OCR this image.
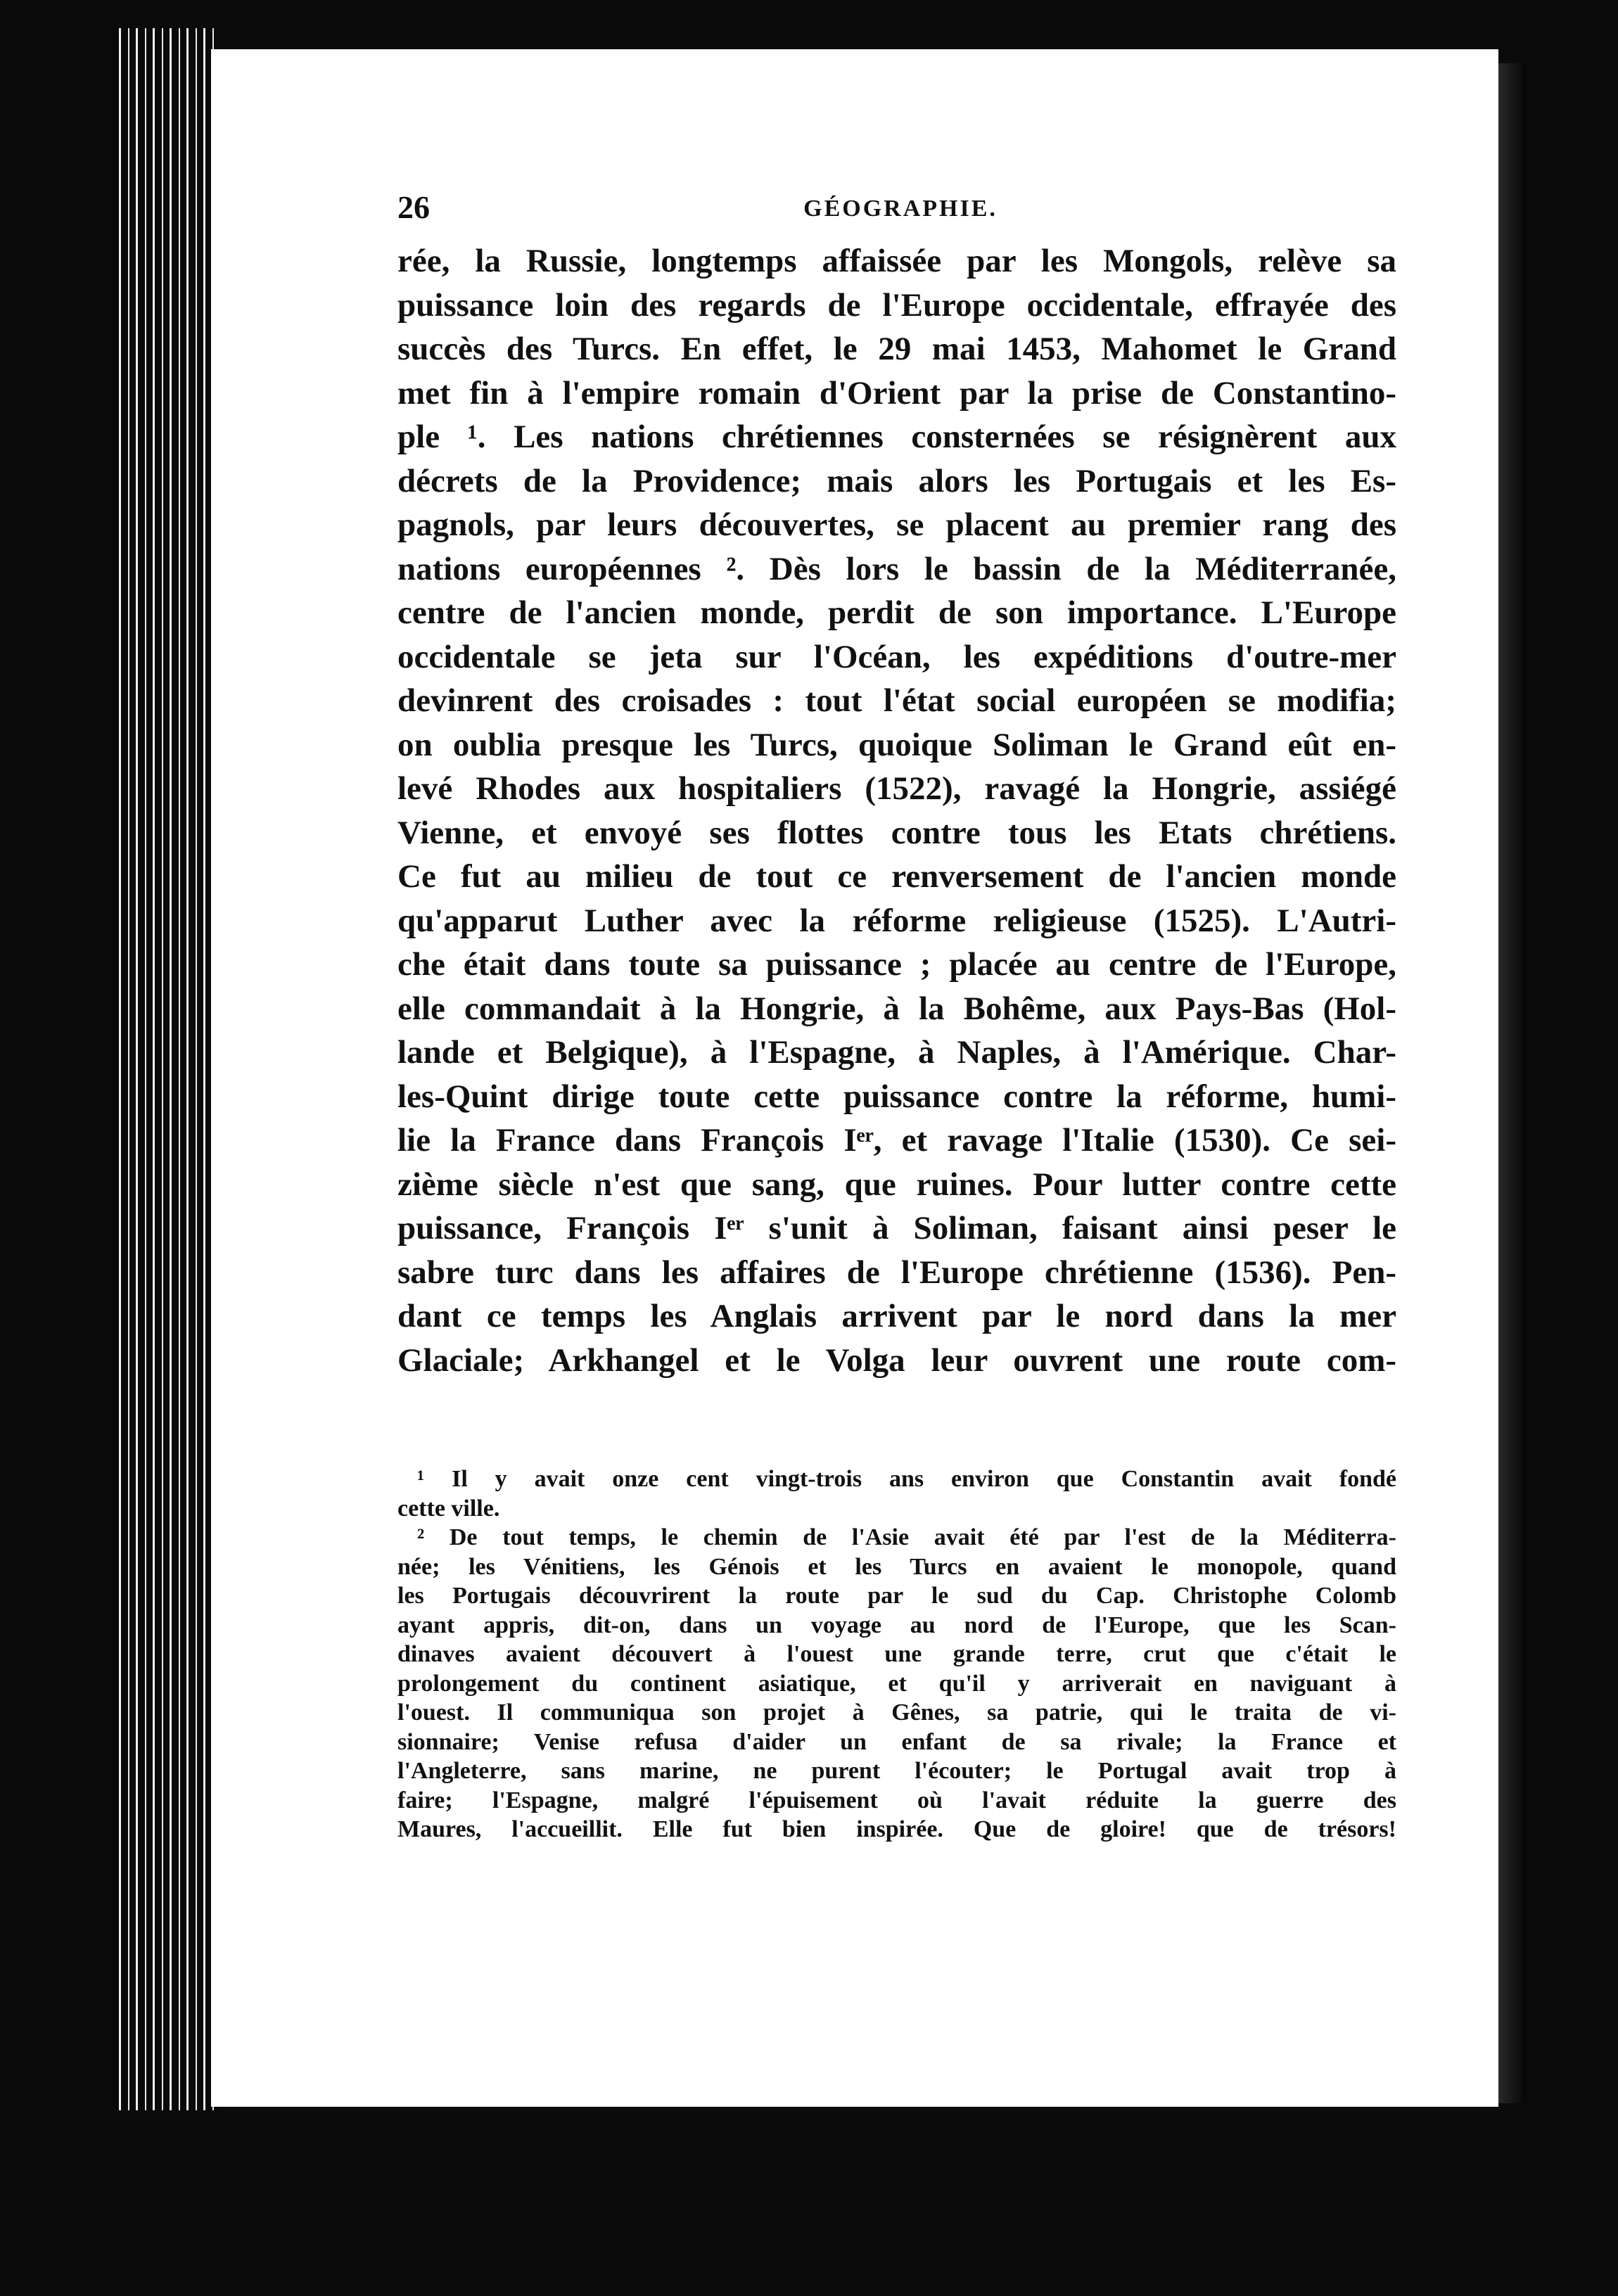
26	GÉOGRAPHIE.
rée, la Russie, longtemps affaissée par les Mongols, relève sa
puissance loin des regards de l'Europe occidentale, effrayée des
succès des Turcs. En effet, le 29 mai 1453, Mahomet le Grand
met fin à l'empire romain d'Orient par la prise de Constantino-
ple ¹. Les nations chrétiennes consternées se résignèrent aux
décrets de la Providence; mais alors les Portugais et les Es-
pagnols, par leurs découvertes, se placent au premier rang des
nations européennes ². Dès lors le bassin de la Méditerranée,
centre de l'ancien monde, perdit de son importance. L'Europe
occidentale se jeta sur l'Océan, les expéditions d'outre-mer
devinrent des croisades : tout l'état social européen se modifia;
on oublia presque les Turcs, quoique Soliman le Grand eût en-
levé Rhodes aux hospitaliers (1522), ravagé la Hongrie, assiégé
Vienne, et envoyé ses flottes contre tous les Etats chrétiens.
Ce fut au milieu de tout ce renversement de l'ancien monde
qu'apparut Luther avec la réforme religieuse (1525). L'Autri-
che était dans toute sa puissance ; placée au centre de l'Europe,
elle commandait à la Hongrie, à la Bohême, aux Pays-Bas (Hol-
lande et Belgique), à l'Espagne, à Naples, à l'Amérique. Char-
les-Quint dirige toute cette puissance contre la réforme, humi-
lie la France dans François Iᵉʳ, et ravage l'Italie (1530). Ce sei-
zième siècle n'est que sang, que ruines. Pour lutter contre cette
puissance, François Iᵉʳ s'unit à Soliman, faisant ainsi peser le
sabre turc dans les affaires de l'Europe chrétienne (1536). Pen-
dant ce temps les Anglais arrivent par le nord dans la mer
Glaciale; Arkhangel et le Volga leur ouvrent une route com-
¹ Il y avait onze cent vingt-trois ans environ que Constantin avait fondé
cette ville.
² De tout temps, le chemin de l'Asie avait été par l'est de la Méditerra-
née; les Vénitiens, les Génois et les Turcs en avaient le monopole, quand
les Portugais découvrirent la route par le sud du Cap. Christophe Colomb
ayant appris, dit-on, dans un voyage au nord de l'Europe, que les Scan-
dinaves avaient découvert à l'ouest une grande terre, crut que c'était le
prolongement du continent asiatique, et qu'il y arriverait en naviguant à
l'ouest. Il communiqua son projet à Gênes, sa patrie, qui le traita de vi-
sionnaire; Venise refusa d'aider un enfant de sa rivale; la France et
l'Angleterre, sans marine, ne purent l'écouter; le Portugal avait trop à
faire; l'Espagne, malgré l'épuisement où l'avait réduite la guerre des
Maures, l'accueillit. Elle fut bien inspirée. Que de gloire! que de trésors!
